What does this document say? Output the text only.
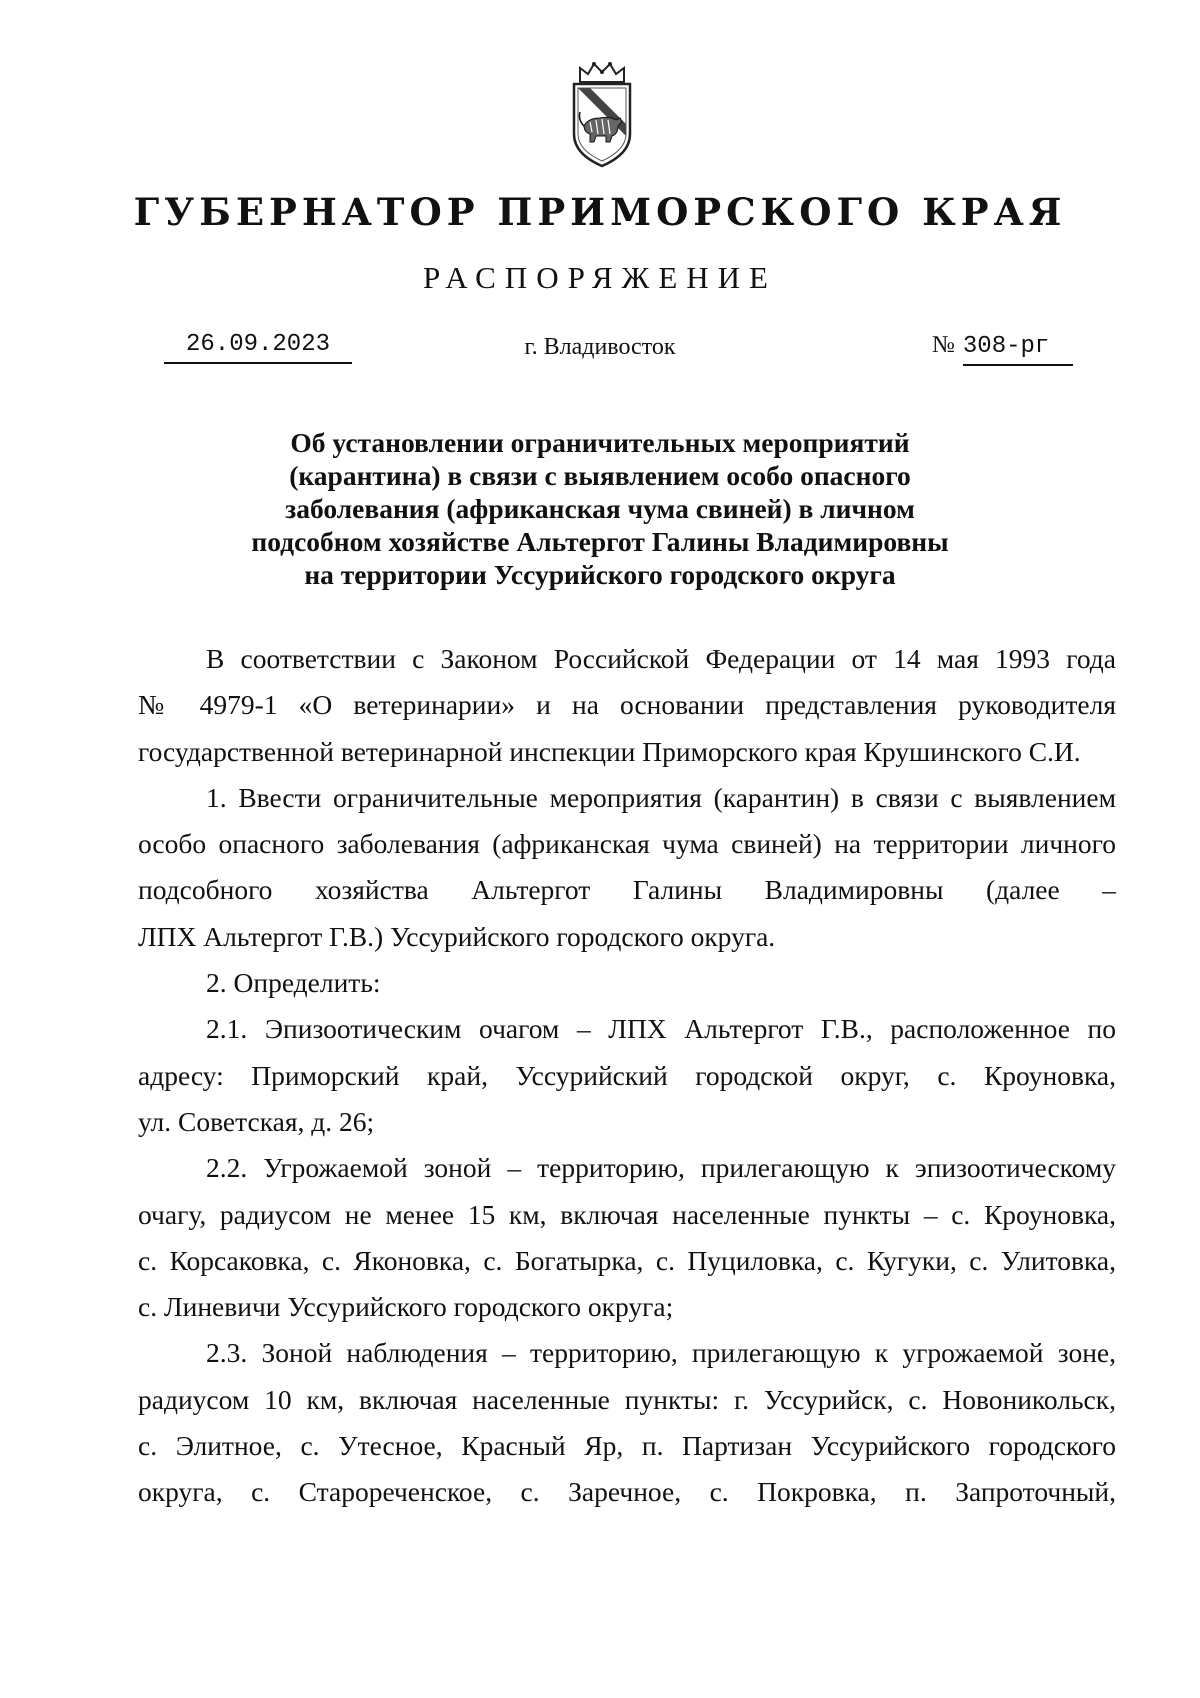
ГУБЕРНАТОР ПРИМОРСКОГО КРАЯ
РАСПОРЯЖЕНИЕ
26.09.2023	г. Владивосток	№ 308-рг
Об установлении ограничительных мероприятий
(карантина) в связи с выявлением особо опасного
заболевания (африканская чума свиней) в личном
подсобном хозяйстве Альтергот Галины Владимировны
на территории Уссурийского городского округа
В соответствии с Законом Российской Федерации от 14 мая 1993 года
№ 4979-1 «О ветеринарии» и на основании представления руководителя
государственной ветеринарной инспекции Приморского края Крушинского С.И.
1. Ввести ограничительные мероприятия (карантин) в связи с выявлением
особо опасного заболевания (африканская чума свиней) на территории личного
подсобного хозяйства Альтергот Галины Владимировны (далее –
ЛПХ Альтергот Г.В.) Уссурийского городского округа.
2. Определить:
2.1. Эпизоотическим очагом – ЛПХ Альтергот Г.В., расположенное по
адресу: Приморский край, Уссурийский городской округ, с. Кроуновка,
ул. Советская, д. 26;
2.2. Угрожаемой зоной – территорию, прилегающую к эпизоотическому
очагу, радиусом не менее 15 км, включая населенные пункты – с. Кроуновка,
с. Корсаковка, с. Яконовка, с. Богатырка, с. Пуциловка, с. Кугуки, с. Улитовка,
с. Линевичи Уссурийского городского округа;
2.3. Зоной наблюдения – территорию, прилегающую к угрожаемой зоне,
радиусом 10 км, включая населенные пункты: г. Уссурийск, с. Новоникольск,
с. Элитное, с. Утесное, Красный Яр, п. Партизан Уссурийского городского
округа, с. Старореченское, с. Заречное, с. Покровка, п. Запроточный,
